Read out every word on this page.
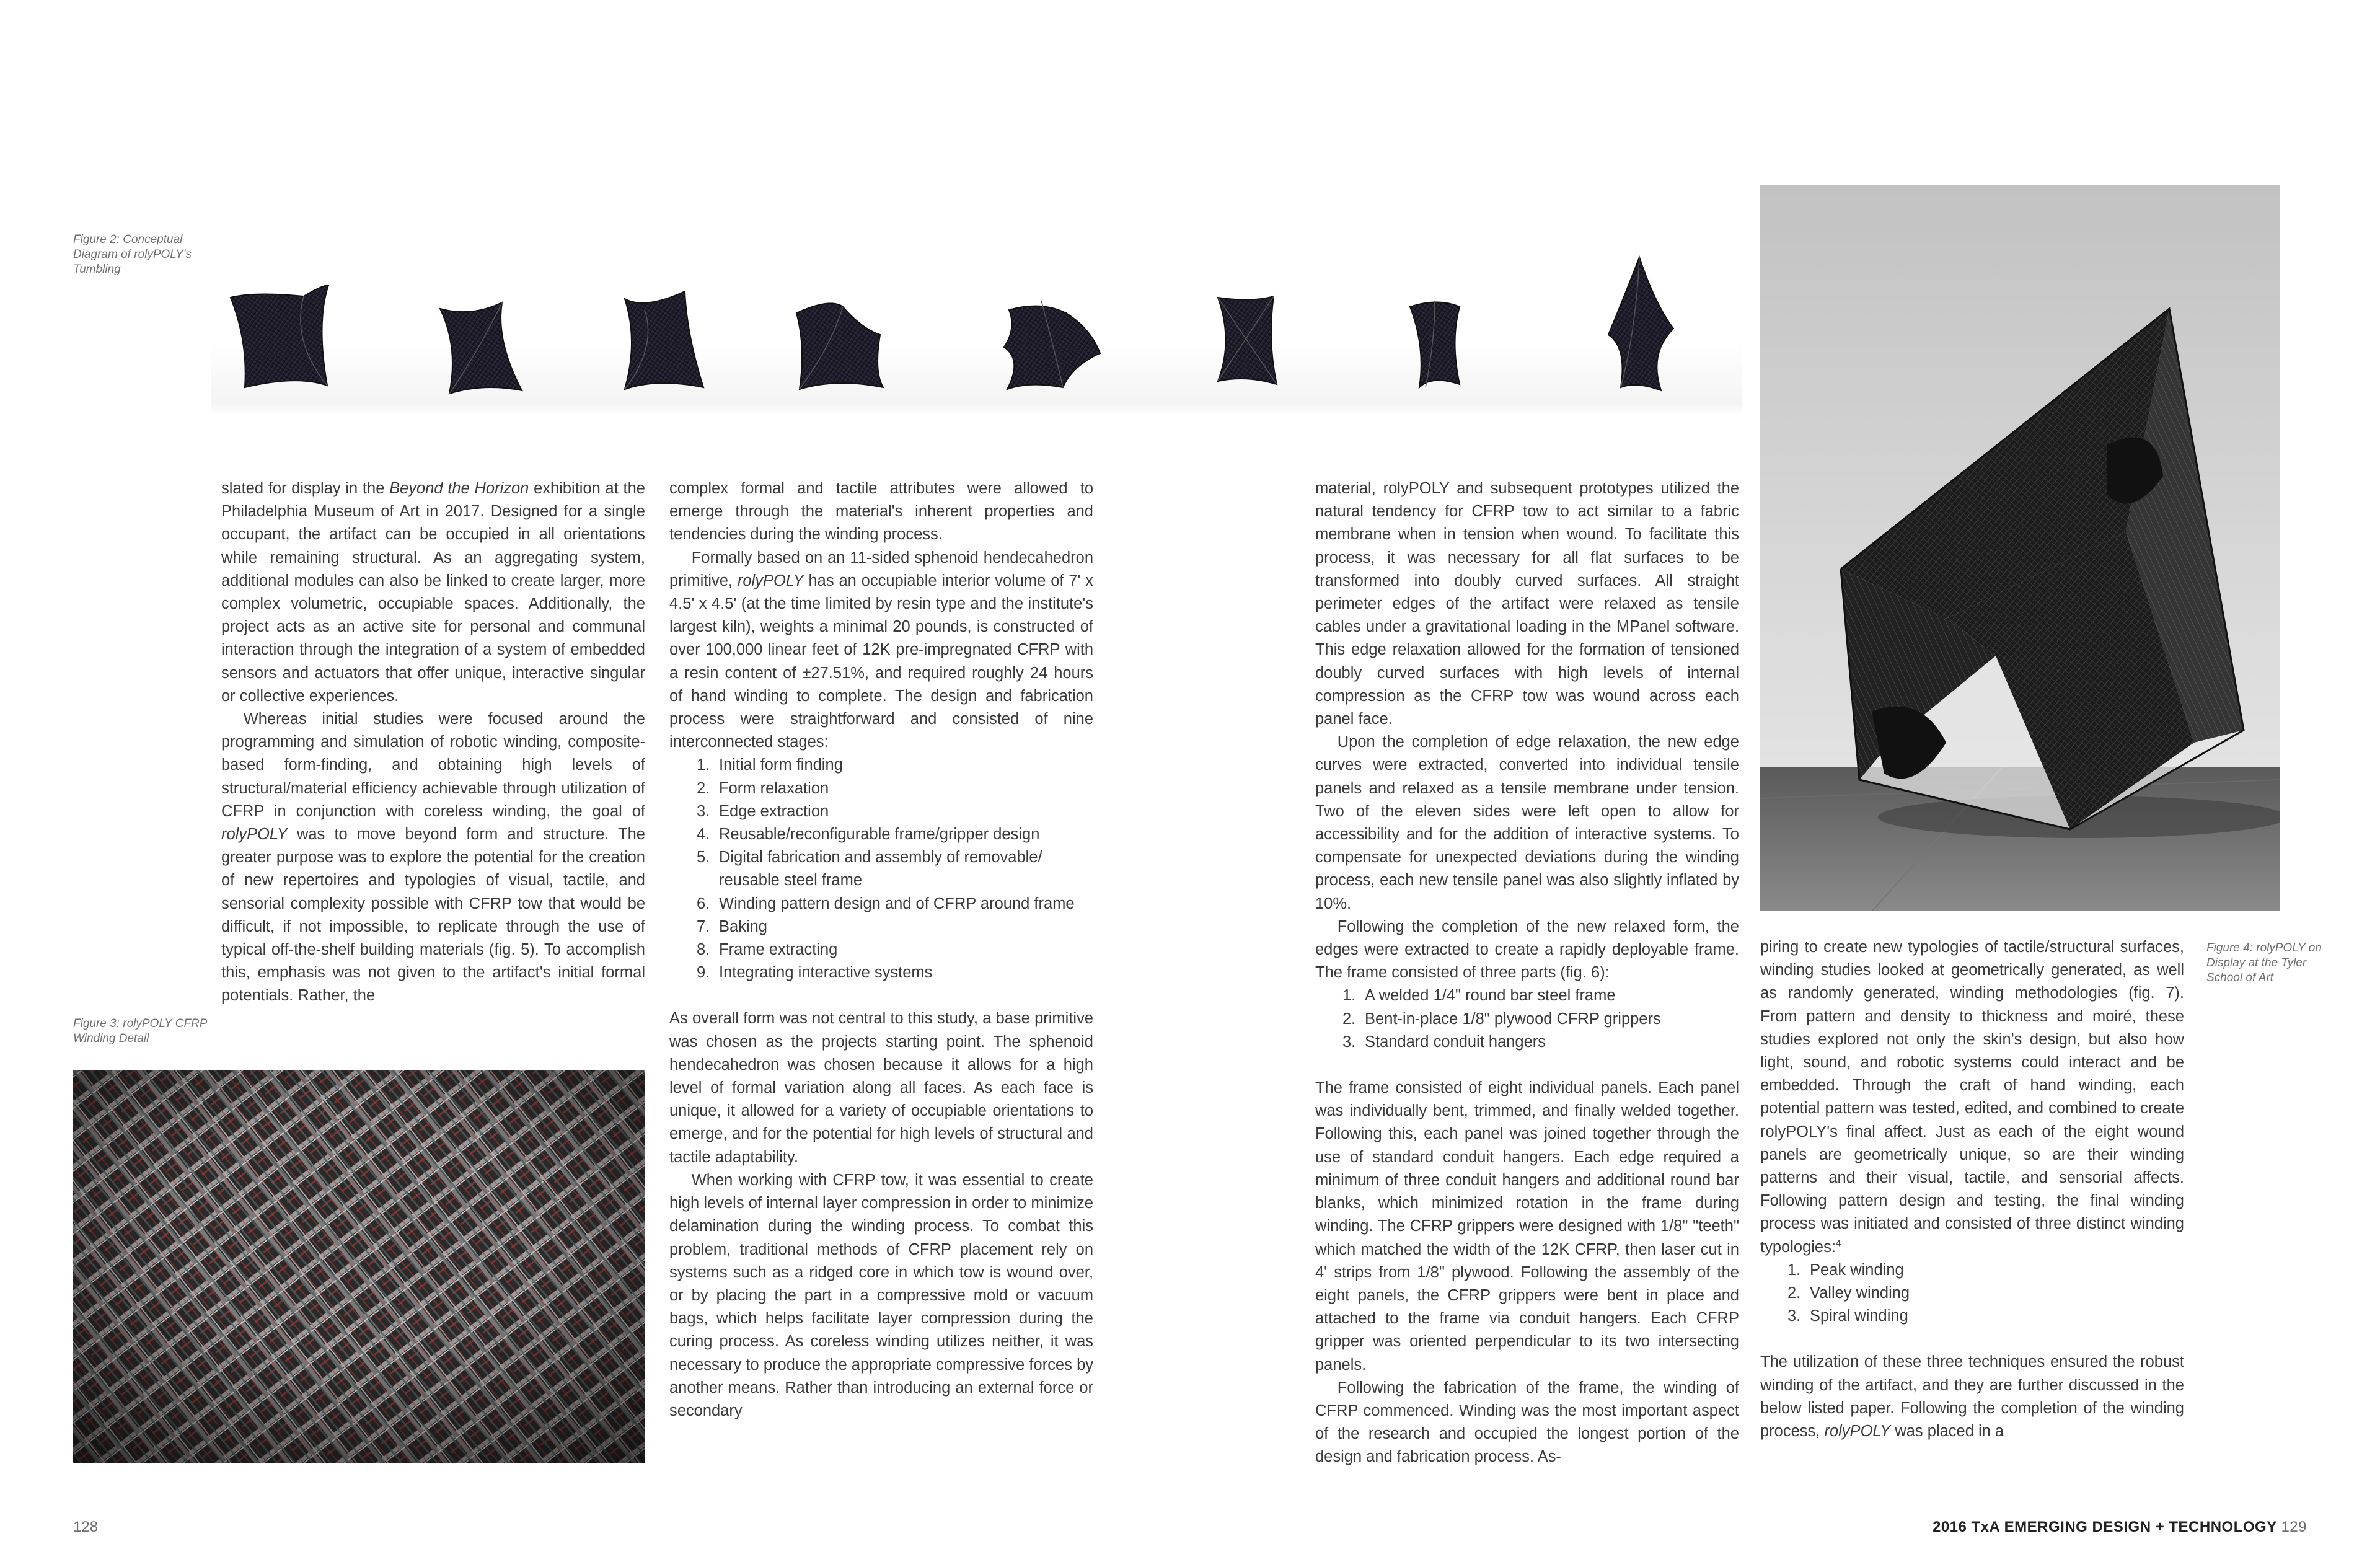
Figure 2: Conceptual Diagram of rolyPOLY's Tumbling
Figure 4: rolyPOLY on Display at the Tyler School of Art

slated for display in the Beyond the Horizon exhibition at the Philadelphia Museum of Art in 2017. Designed for a single occupant, the artifact can be occupied in all orientations while remaining structural. As an aggregating system, additional modules can also be linked to create larger, more complex volumetric, occupiable spaces. Additionally, the project acts as an active site for personal and communal interaction through the integration of a system of embedded sensors and actuators that offer unique, interactive singular or collective experiences.

Whereas initial studies were focused around the programming and simulation of robotic winding, composite-based form-finding, and obtaining high levels of structural/material efficiency achievable through utilization of CFRP in conjunction with coreless winding, the goal of rolyPOLY was to move beyond form and structure. The greater purpose was to explore the potential for the creation of new repertoires and typologies of visual, tactile, and sensorial complexity possible with CFRP tow that would be difficult, if not impossible, to replicate through the use of typical off-the-shelf building materials (fig. 5). To accomplish this, emphasis was not given to the artifact's initial formal potentials. Rather, the

Figure 3: rolyPOLY CFRP Winding Detail

complex formal and tactile attributes were allowed to emerge through the material's inherent properties and tendencies during the winding process.

Formally based on an 11-sided sphenoid hendecahedron primitive, rolyPOLY has an occupiable interior volume of 7' x 4.5' x 4.5' (at the time limited by resin type and the institute's largest kiln), weights a minimal 20 pounds, is constructed of over 100,000 linear feet of 12K pre-impregnated CFRP with a resin content of ±27.51%, and required roughly 24 hours of hand winding to complete. The design and fabrication process were straightforward and consisted of nine interconnected stages:

1. Initial form finding
2. Form relaxation
3. Edge extraction
4. Reusable/reconfigurable frame/gripper design
5. Digital fabrication and assembly of removable/ reusable steel frame
6. Winding pattern design and of CFRP around frame
7. Baking
8. Frame extracting
9. Integrating interactive systems

As overall form was not central to this study, a base primitive was chosen as the projects starting point. The sphenoid hendecahedron was chosen because it allows for a high level of formal variation along all faces. As each face is unique, it allowed for a variety of occupiable orientations to emerge, and for the potential for high levels of structural and tactile adaptability.

When working with CFRP tow, it was essential to create high levels of internal layer compression in order to minimize delamination during the winding process. To combat this problem, traditional methods of CFRP placement rely on systems such as a ridged core in which tow is wound over, or by placing the part in a compressive mold or vacuum bags, which helps facilitate layer compression during the curing process. As coreless winding utilizes neither, it was necessary to produce the appropriate compressive forces by another means. Rather than introducing an external force or secondary

material, rolyPOLY and subsequent prototypes utilized the natural tendency for CFRP tow to act similar to a fabric membrane when in tension when wound. To facilitate this process, it was necessary for all flat surfaces to be transformed into doubly curved surfaces. All straight perimeter edges of the artifact were relaxed as tensile cables under a gravitational loading in the MPanel software. This edge relaxation allowed for the formation of tensioned doubly curved surfaces with high levels of internal compression as the CFRP tow was wound across each panel face.

Upon the completion of edge relaxation, the new edge curves were extracted, converted into individual tensile panels and relaxed as a tensile membrane under tension. Two of the eleven sides were left open to allow for accessibility and for the addition of interactive systems. To compensate for unexpected deviations during the winding process, each new tensile panel was also slightly inflated by 10%.

Following the completion of the new relaxed form, the edges were extracted to create a rapidly deployable frame. The frame consisted of three parts (fig. 6):

1. A welded 1/4" round bar steel frame
2. Bent-in-place 1/8" plywood CFRP grippers
3. Standard conduit hangers

The frame consisted of eight individual panels. Each panel was individually bent, trimmed, and finally welded together. Following this, each panel was joined together through the use of standard conduit hangers. Each edge required a minimum of three conduit hangers and additional round bar blanks, which minimized rotation in the frame during winding. The CFRP grippers were designed with 1/8" "teeth" which matched the width of the 12K CFRP, then laser cut in 4' strips from 1/8" plywood. Following the assembly of the eight panels, the CFRP grippers were bent in place and attached to the frame via conduit hangers. Each CFRP gripper was oriented perpendicular to its two intersecting panels.

Following the fabrication of the frame, the winding of CFRP commenced. Winding was the most important aspect of the research and occupied the longest portion of the design and fabrication process. As-

piring to create new typologies of tactile/structural surfaces, winding studies looked at geometrically generated, as well as randomly generated, winding methodologies (fig. 7). From pattern and density to thickness and moiré, these studies explored not only the skin's design, but also how light, sound, and robotic systems could interact and be embedded. Through the craft of hand winding, each potential pattern was tested, edited, and combined to create rolyPOLY's final affect. Just as each of the eight wound panels are geometrically unique, so are their winding patterns and their visual, tactile, and sensorial affects. Following pattern design and testing, the final winding process was initiated and consisted of three distinct winding typologies:$^4$

1. Peak winding
2. Valley winding
3. Spiral winding

The utilization of these three techniques ensured the robust winding of the artifact, and they are further discussed in the below listed paper. Following the completion of the winding process, rolyPOLY was placed in a

128	2016 TxA EMERGING DESIGN + TECHNOLOGY 129
